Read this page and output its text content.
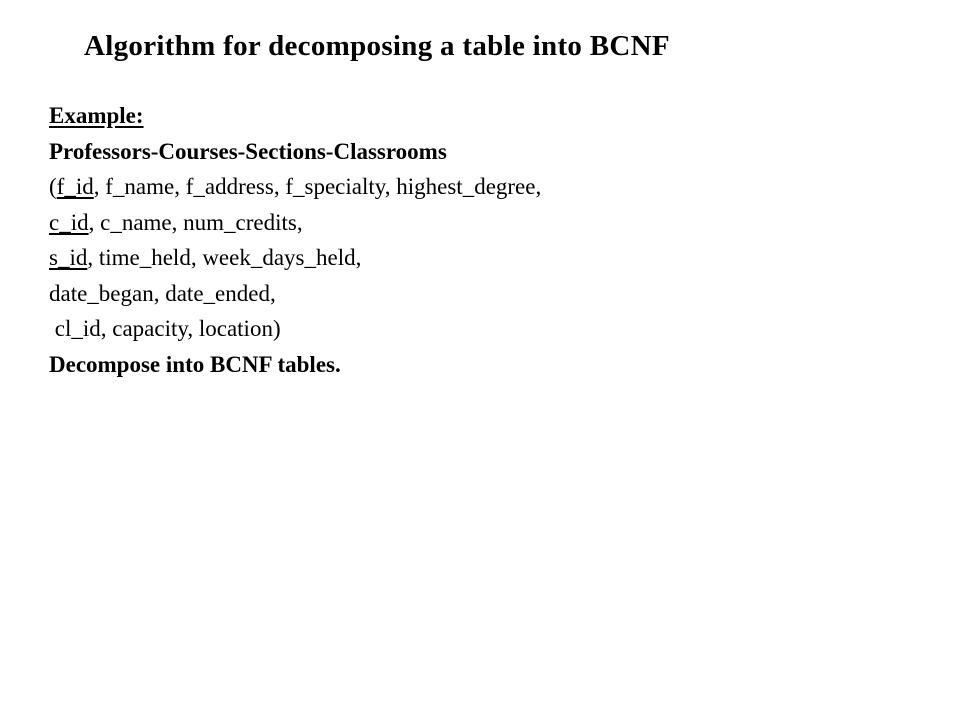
Algorithm for decomposing a table into BCNF
Example:
Professors-Courses-Sections-Classrooms
(f_id, f_name, f_address, f_specialty, highest_degree,
c_id, c_name, num_credits,
s_id, time_held, week_days_held,
date_began, date_ended,
cl_id, capacity, location)
Decompose into BCNF tables.
